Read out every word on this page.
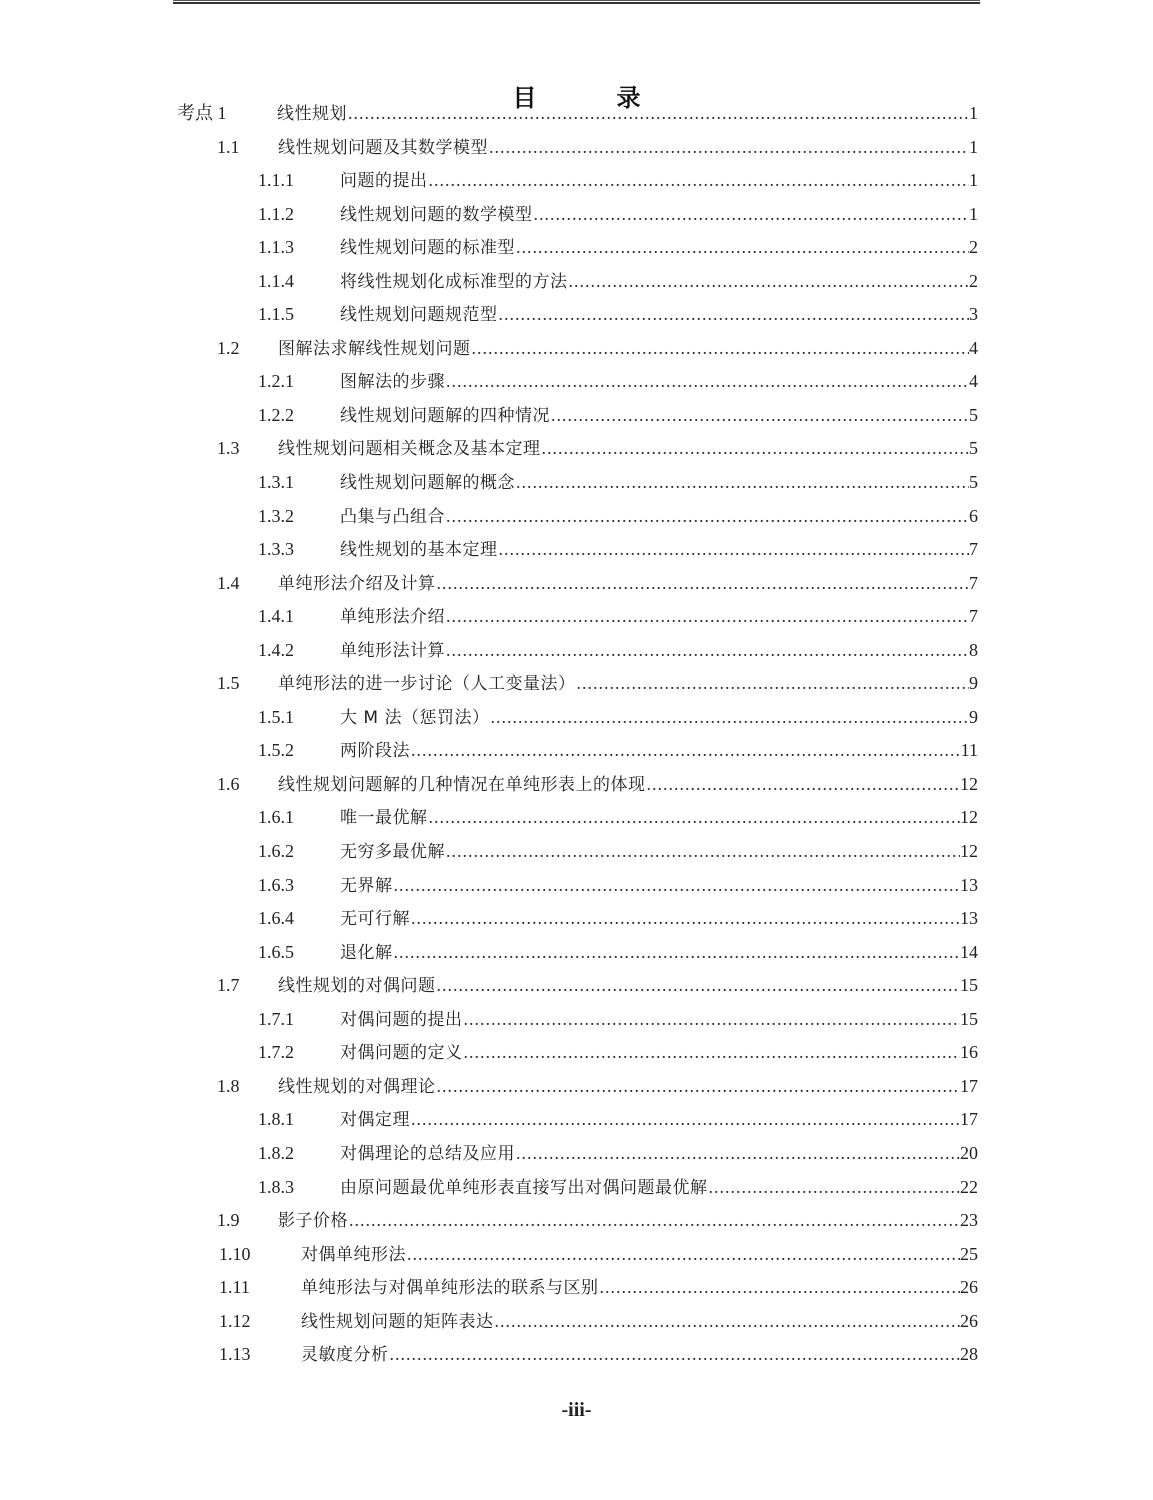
目　录
考点 1	线性规划 .....	1
1.1 线性规划问题及其数学模型 .....	1
1.1.1	问题的提出 .....	1
1.1.2	线性规划问题的数学模型 .....	1
1.1.3	线性规划问题的标准型 .....	2
1.1.4	将线性规划化成标准型的方法 .....	2
1.1.5	线性规划问题规范型 .....	3
1.2 图解法求解线性规划问题 .....	4
1.2.1	图解法的步骤 .....	4
1.2.2	线性规划问题解的四种情况 .....	5
1.3 线性规划问题相关概念及基本定理 .....	5
1.3.1	线性规划问题解的概念 .....	5
1.3.2	凸集与凸组合 .....	6
1.3.3	线性规划的基本定理 .....	7
1.4 单纯形法介绍及计算 .....	7
1.4.1	单纯形法介绍 .....	7
1.4.2	单纯形法计算 .....	8
1.5 单纯形法的进一步讨论（人工变量法） .....	9
1.5.1	大 M 法（惩罚法） .....	9
1.5.2	两阶段法 .....	11
1.6 线性规划问题解的几种情况在单纯形表上的体现 .....	12
1.6.1	唯一最优解 .....	12
1.6.2	无穷多最优解 .....	12
1.6.3	无界解 .....	13
1.6.4	无可行解 .....	13
1.6.5	退化解 .....	14
1.7 线性规划的对偶问题 .....	15
1.7.1	对偶问题的提出 .....	15
1.7.2	对偶问题的定义 .....	16
1.8 线性规划的对偶理论 .....	17
1.8.1	对偶定理 .....	17
1.8.2	对偶理论的总结及应用 .....	20
1.8.3	由原问题最优单纯形表直接写出对偶问题最优解 .....	22
1.9 影子价格 .....	23
1.10	对偶单纯形法 .....	25
1.11	单纯形法与对偶单纯形法的联系与区别 .....	26
1.12	线性规划问题的矩阵表达 .....	26
1.13	灵敏度分析 .....	28
-iii-
